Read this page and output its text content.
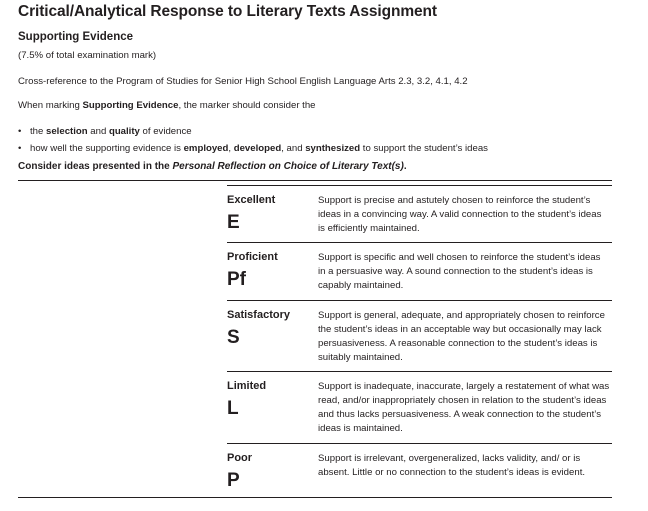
Critical/Analytical Response to Literary Texts Assignment
Supporting Evidence
(7.5% of total examination mark)
Cross-reference to the Program of Studies for Senior High School English Language Arts 2.3, 3.2, 4.1, 4.2
When marking Supporting Evidence, the marker should consider the
• the selection and quality of evidence
• how well the supporting evidence is employed, developed, and synthesized to support the student’s ideas
Consider ideas presented in the Personal Reflection on Choice of Literary Text(s).
Excellent
E
Support is precise and astutely chosen to reinforce the student’s ideas in a convincing way. A valid connection to the student’s ideas is efficiently maintained.
Proficient
Pf
Support is specific and well chosen to reinforce the student’s ideas in a persuasive way. A sound connection to the student’s ideas is capably maintained.
Satisfactory
S
Support is general, adequate, and appropriately chosen to reinforce the student’s ideas in an acceptable way but occasionally may lack persuasiveness. A reasonable connection to the student’s ideas is suitably maintained.
Limited
L
Support is inadequate, inaccurate, largely a restatement of what was read, and/or inappropriately chosen in relation to the student’s ideas and thus lacks persuasiveness. A weak connection to the student’s ideas is maintained.
Poor
P
Support is irrelevant, overgeneralized, lacks validity, and/ or is absent. Little or no connection to the student’s ideas is evident.
